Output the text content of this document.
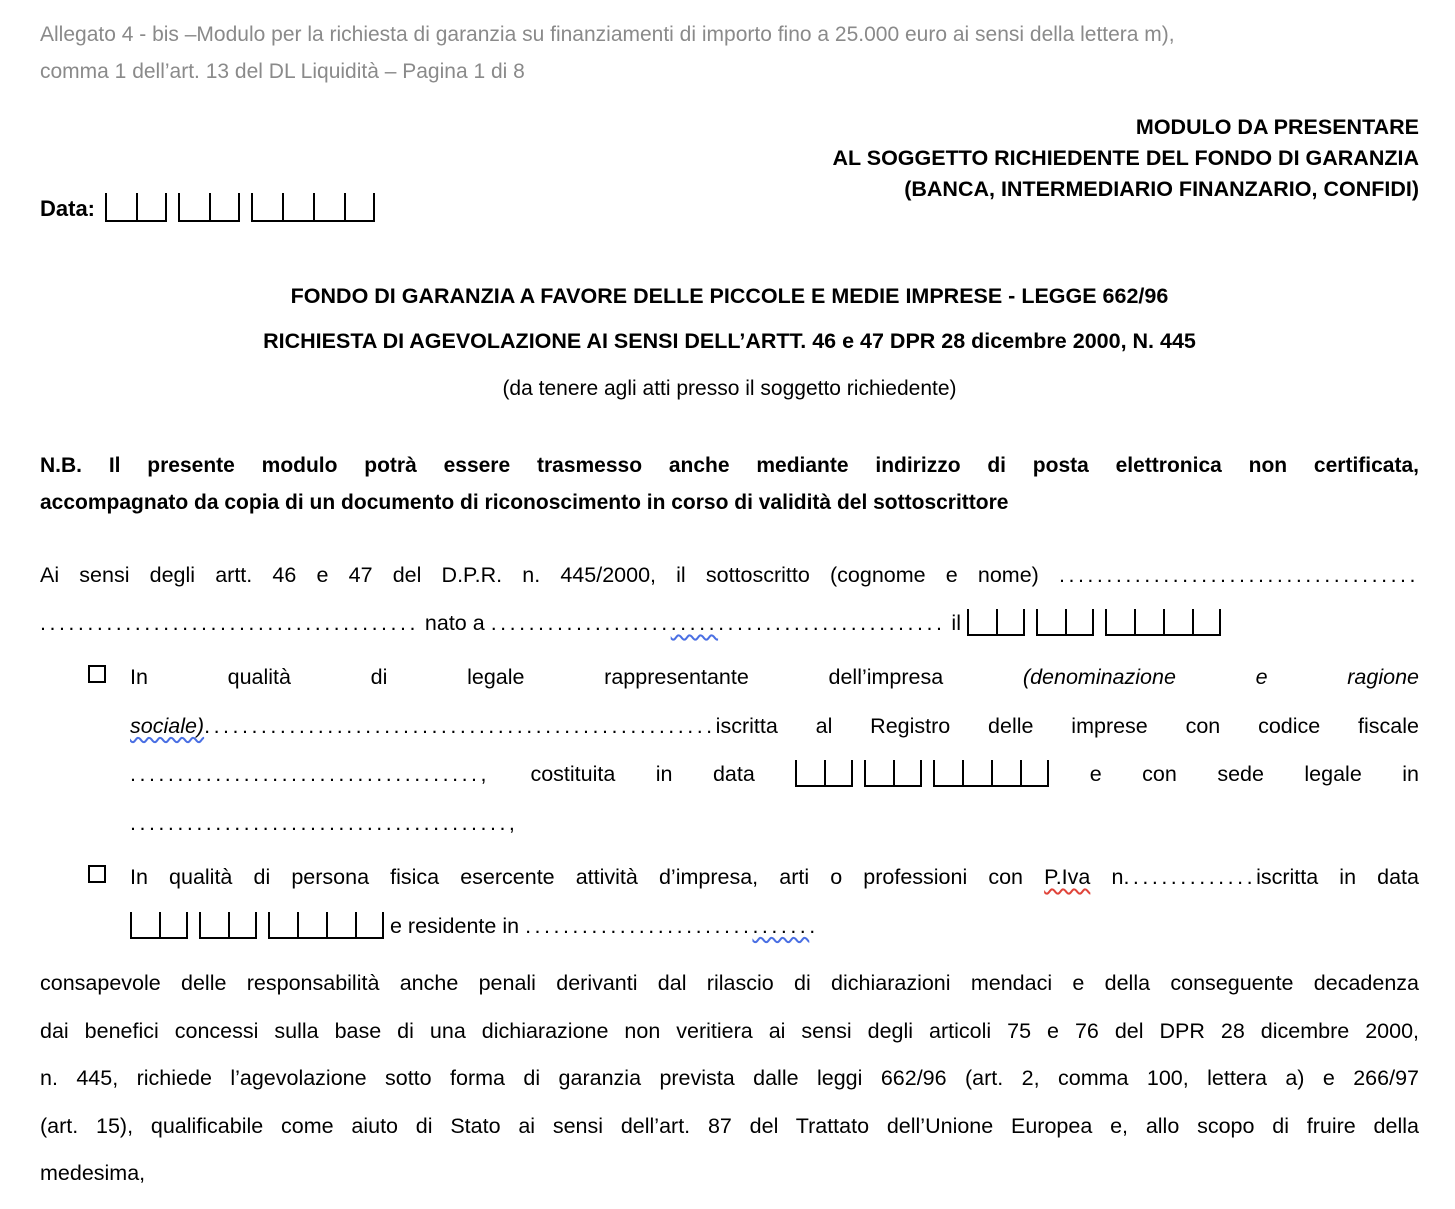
Allegato 4 - bis –Modulo per la richiesta di garanzia su finanziamenti di importo fino a 25.000 euro ai sensi della lettera m),
comma 1 dell’art. 13 del DL Liquidità – Pagina 1 di 8
MODULO DA PRESENTARE
AL SOGGETTO RICHIEDENTE DEL FONDO DI GARANZIA
(BANCA, INTERMEDIARIO FINANZARIO, CONFIDI)
Data:
FONDO DI GARANZIA A FAVORE DELLE PICCOLE E MEDIE IMPRESE - LEGGE 662/96
RICHIESTA DI AGEVOLAZIONE AI SENSI DELL’ARTT. 46 e 47 DPR 28 dicembre 2000, N. 445
(da tenere agli atti presso il soggetto richiedente)
N.B. Il presente modulo potrà essere trasmesso anche mediante indirizzo di posta elettronica non certificata,
accompagnato da copia di un documento di riconoscimento in corso di validità del sottoscrittore
Ai sensi degli artt. 46 e 47 del D.P.R. n. 445/2000, il sottoscritto (cognome e nome) ......................................
........................................ nato a ................................................ il
In qualità di legale rappresentante dell’impresa	(denominazione e ragione
sociale)......................................................iscritta al Registro delle imprese con codice fiscale
....................................., costituita in data	e con sede legale in
........................................,
In qualità di persona fisica esercente attività d’impresa, arti o professioni con P.Iva n..............iscritta in data
e residente in ...............................
consapevole delle responsabilità anche penali derivanti dal rilascio di dichiarazioni mendaci e della conseguente decadenza
dai benefici concessi sulla base di una dichiarazione non veritiera ai sensi degli articoli 75 e 76 del DPR 28 dicembre 2000,
n. 445, richiede l’agevolazione sotto forma di garanzia prevista dalle leggi 662/96 (art. 2, comma 100, lettera a) e 266/97
(art. 15), qualificabile come aiuto di Stato ai sensi dell’art. 87 del Trattato dell’Unione Europea e, allo scopo di fruire della
medesima,
